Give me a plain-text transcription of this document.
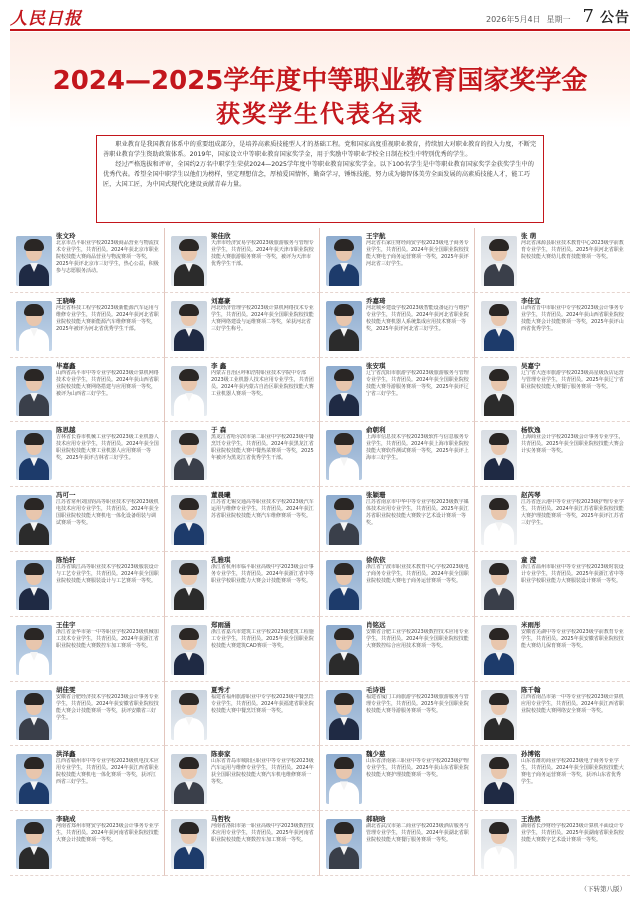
人民日报	2026年5月4日 星期一 7 公告
2024—2025学年度中等职业教育国家奖学金
获奖学生代表名录

职业教育是我国教育体系中的重要组成部分，是培养高素质技能型人才的基础工程。党和国家高度重视职业教育，持续加大对职业教育的投入力度，不断完善职业教育学生资助政策体系。2019年，国家设立中等职业教育国家奖学金，用于奖励中等职业学校全日制在校生中特别优秀的学生。

经过严格选拔和评审，全国约2万名中职学生荣获2024—2025学年度中等职业教育国家奖学金。以下100名学生是中等职业教育国家奖学金获奖学生中的优秀代表。希望全国中职学生以他们为榜样，坚定理想信念，厚植爱国情怀，勤奋学习，锤炼技能，努力成为德智体美劳全面发展的高素质技能人才，能工巧匠，大国工匠，为中国式现代化建设贡献青春力量。

张文玲
北京市昌平职业学校2023级商品营业与物流技术专业学生，共青团员。2024年获北京市职业院校技能大赛商品营业与物流赛项一等奖，2025年获评北京市三好学生，热心公益，积极参与志愿服务活动。
梁佳欣
天津市经济贸易学校2023级旅游服务与管理专业学生，共青团员。2024年获天津市职业院校技能大赛旅游服务赛项一等奖，被评为天津市优秀学生干部。
王宇航
河北省石家庄财经商贸学校2023级电子商务专业学生，共青团员。2024年获全国职业院校技能大赛电子商务运营赛项一等奖，2025年获评河北省三好学生。
张 萌
河北省涞源县职业技术教育中心2023级学前教育专业学生，共青团员。2025年获河北省职业院校技能大赛幼儿教育技能赛项一等奖。
王晓峰
河北省科技工程学校2023级新能源汽车运用与维修专业学生，共青团员。2024年获河北省职业院校技能大赛新能源汽车维修赛项一等奖，2025年被评为河北省优秀学生干部。
刘嘉豪
河北经济管理学校2023级计算机网络技术专业学生，共青团员。2024年获全国职业院校技能大赛网络建设与运维赛项二等奖，荣获河北省三好学生称号。
乔嘉琦
河北城乡建设学校2023级智能设备运行与维护专业学生，共青团员。2024年获河北省职业院校技能大赛机器人系统集成应用技术赛项一等奖，2025年获评河北省三好学生。
李佳宜
山西省晋中市职业中专学校2023级会计事务专业学生，共青团员。2024年获山西省职业院校技能大赛会计技能赛项一等奖，2025年获评山西省优秀学生。
毕嘉鑫
山西省高平市中等专业学校2023级计算机网络技术专业学生，共青团员。2024年获山西省职业院校技能大赛网络搭建与应用赛项一等奖，被评为山西省三好学生。
李 鑫
内蒙古自治区呼和浩特职业技术学院中专部2023级工业机器人技术应用专业学生，共青团员。2024年获内蒙古自治区职业院校技能大赛工业机器人赛项一等奖。
张安琪
辽宁省沈阳市旅游学校2023级旅游服务与管理专业学生，共青团员。2024年获全国职业院校技能大赛导游服务赛项一等奖，2025年获评辽宁省三好学生。
吴嘉宁
辽宁省大连市旅游学校2023级高星级饭店运营与管理专业学生，共青团员。2025年获辽宁省职业院校技能大赛餐厅服务赛项一等奖。
陈思越
吉林省长春市机械工业学校2023级工业机器人技术应用专业学生，共青团员。2024年获全国职业院校技能大赛工业机器人应用赛项一等奖，2025年获评吉林省三好学生。
于 森
黑龙江省哈尔滨市第二职业中学校2023级中餐烹饪专业学生，共青团员。2024年获黑龙江省职业院校技能大赛中餐热菜赛项一等奖，2025年被评为黑龙江省优秀学生干部。
俞朝利
上海市信息技术学校2023级软件与信息服务专业学生，共青团员。2024年获上海市职业院校技能大赛软件测试赛项一等奖，2025年获评上海市三好学生。
杨钦逸
上海商业会计学校2023级会计事务专业学生，共青团员。2025年获全国职业院校技能大赛会计实务赛项一等奖。
冯可一
江苏省常州刘国钧高等职业技术学校2023级机电技术应用专业学生，共青团员。2024年获全国职业院校技能大赛机电一体化设备组装与调试赛项一等奖。
董晨曦
江苏省无锡交通高等职业技术学校2023级汽车运用与维修专业学生，共青团员。2024年获江苏省职业院校技能大赛汽车维修赛项一等奖。
张颖珊
江苏省南京市中华中等专业学校2023级数字媒体技术应用专业学生，共青团员。2025年获江苏省职业院校技能大赛数字艺术设计赛项一等奖。
赵芮琴
江苏省连云港中等专业学校2023级护理专业学生，共青团员。2024年获江苏省职业院校技能大赛护理技能赛项一等奖，2025年获评江苏省三好学生。
陈怡轩
江苏省镇江高等职业技术学校2023级服装设计与工艺专业学生，共青团员。2024年获全国职业院校技能大赛服装设计与工艺赛项一等奖。
孔雅琪
浙江省杭州市临平职业高级中学2023级会计事务专业学生，共青团员。2024年获浙江省中等职业学校职业能力大赛会计技能赛项一等奖。
徐依依
浙江省宁波市职业技术教育中心学校2023级电子商务专业学生，共青团员。2024年获全国职业院校技能大赛电子商务运营赛项一等奖。
童 滢
浙江省温州市职业中等专业学校2023级时装设计专业学生，共青团员。2025年获浙江省中等职业学校职业能力大赛服装设计赛项一等奖。
王佳宇
浙江省金华市第一中等职业学校2023级机械加工技术专业学生，共青团员。2024年获浙江省职业院校技能大赛数控车加工赛项一等奖。
郑雨涵
浙江省嘉兴市建筑工业学校2023级建筑工程施工专业学生，共青团员。2025年获全国职业院校技能大赛建筑CAD赛项一等奖。
肖铭远
安徽省合肥工业学校2023级数控技术应用专业学生，共青团员。2024年获全国职业院校技能大赛数控综合应用技术赛项一等奖。
米雨彤
安徽省芜湖中等专业学校2023级学前教育专业学生，共青团员。2025年获安徽省职业院校技能大赛幼儿保育赛项一等奖。
胡佳雯
安徽省合肥经济技术学校2023级会计事务专业学生，共青团员。2024年获安徽省职业院校技能大赛会计技能赛项一等奖，获评安徽省三好学生。
夏秀才
福建省福州旅游职业中专学校2023级中餐烹饪专业学生，共青团员。2024年获福建省职业院校技能大赛中餐烹饪赛项一等奖。
毛诗语
福建省厦门工商旅游学校2023级旅游服务与管理专业学生，共青团员。2025年获全国职业院校技能大赛导游服务赛项一等奖。
陈千翰
江西省南昌市第一中等专业学校2023级计算机应用专业学生，共青团员。2024年获江西省职业院校技能大赛网络安全赛项一等奖。
洪泽鑫
江西省赣州市中等专业学校2023级机电技术应用专业学生，共青团员。2024年获江西省职业院校技能大赛机电一体化赛项一等奖，获评江西省三好学生。
陈泰家
山东省青岛市城阳区职业中等专业学校2023级汽车运用与维修专业学生，共青团员。2024年获全国职业院校技能大赛汽车机电维修赛项一等奖。
魏少慈
山东省济南第三职业中等专业学校2023级护理专业学生，共青团员。2025年获山东省职业院校技能大赛护理技能赛项一等奖。
孙博铭
山东省潍坊商业学校2023级电子商务专业学生，共青团员。2024年获全国职业院校技能大赛电子商务运营赛项一等奖，获评山东省优秀学生。
李晓成
河南省郑州市财贸学校2023级会计事务专业学生，共青团员。2024年获河南省职业院校技能大赛会计技能赛项一等奖。
马哲牧
河南省洛阳市第一职业高级中学2023级数控技术应用专业学生，共青团员。2025年获河南省职业院校技能大赛数控车加工赛项一等奖。
郝晓晗
湖北省武汉市第二商业学校2023级酒店服务与管理专业学生，共青团员。2024年获湖北省职业院校技能大赛餐厅服务赛项一等奖。
王浩然
湖南省长沙财经学校2023级计算机平面设计专业学生，共青团员。2025年获湖南省职业院校技能大赛数字艺术设计赛项一等奖。
（下转第八版）
